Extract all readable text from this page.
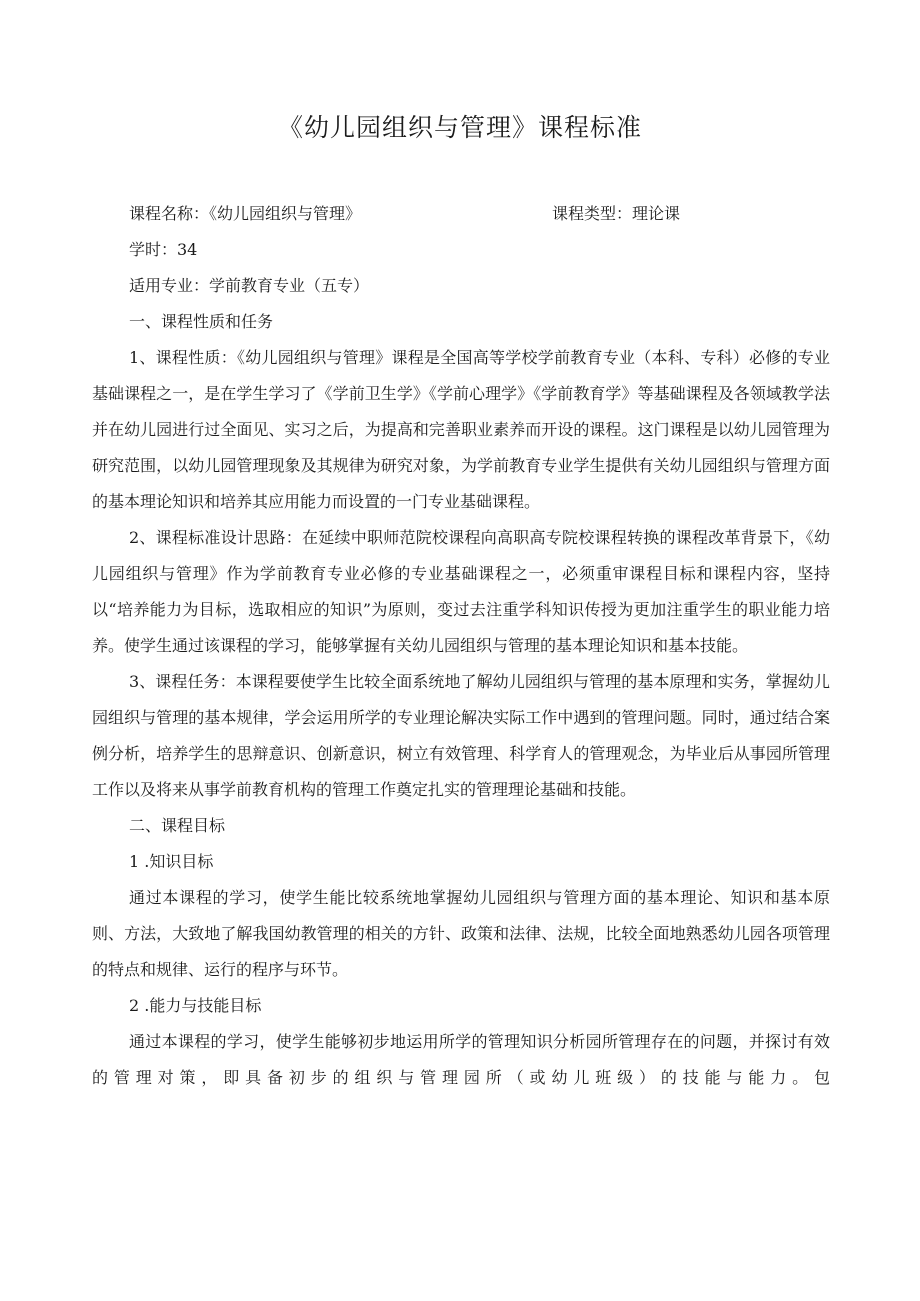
《幼儿园组织与管理》课程标准
课程名称：《幼儿园组织与管理》	课程类型：理论课
学时：34
适用专业：学前教育专业（五专）
一、课程性质和任务

1、课程性质：《幼儿园组织与管理》课程是全国高等学校学前教育专业（本科、专科）必修的专业基础课程之一，是在学生学习了《学前卫生学》《学前心理学》《学前教育学》等基础课程及各领域教学法并在幼儿园进行过全面见、实习之后，为提高和完善职业素养而开设的课程。这门课程是以幼儿园管理为研究范围，以幼儿园管理现象及其规律为研究对象，为学前教育专业学生提供有关幼儿园组织与管理方面的基本理论知识和培养其应用能力而设置的一门专业基础课程。

2、课程标准设计思路：在延续中职师范院校课程向高职高专院校课程转换的课程改革背景下，《幼儿园组织与管理》作为学前教育专业必修的专业基础课程之一，必须重审课程目标和课程内容，坚持以“培养能力为目标，选取相应的知识”为原则，变过去注重学科知识传授为更加注重学生的职业能力培养。使学生通过该课程的学习，能够掌握有关幼儿园组织与管理的基本理论知识和基本技能。

3、课程任务：本课程要使学生比较全面系统地了解幼儿园组织与管理的基本原理和实务，掌握幼儿园组织与管理的基本规律，学会运用所学的专业理论解决实际工作中遇到的管理问题。同时，通过结合案例分析，培养学生的思辩意识、创新意识，树立有效管理、科学育人的管理观念，为毕业后从事园所管理工作以及将来从事学前教育机构的管理工作奠定扎实的管理理论基础和技能。

二、课程目标
1 .知识目标

通过本课程的学习，使学生能比较系统地掌握幼儿园组织与管理方面的基本理论、知识和基本原则、方法，大致地了解我国幼教管理的相关的方针、政策和法律、法规，比较全面地熟悉幼儿园各项管理的特点和规律、运行的程序与环节。

2 .能力与技能目标

通过本课程的学习，使学生能够初步地运用所学的管理知识分析园所管理存在的问题，并探讨有效的管理对策，即具备初步的组织与管理园所（或幼儿班级）的技能与能力。包
